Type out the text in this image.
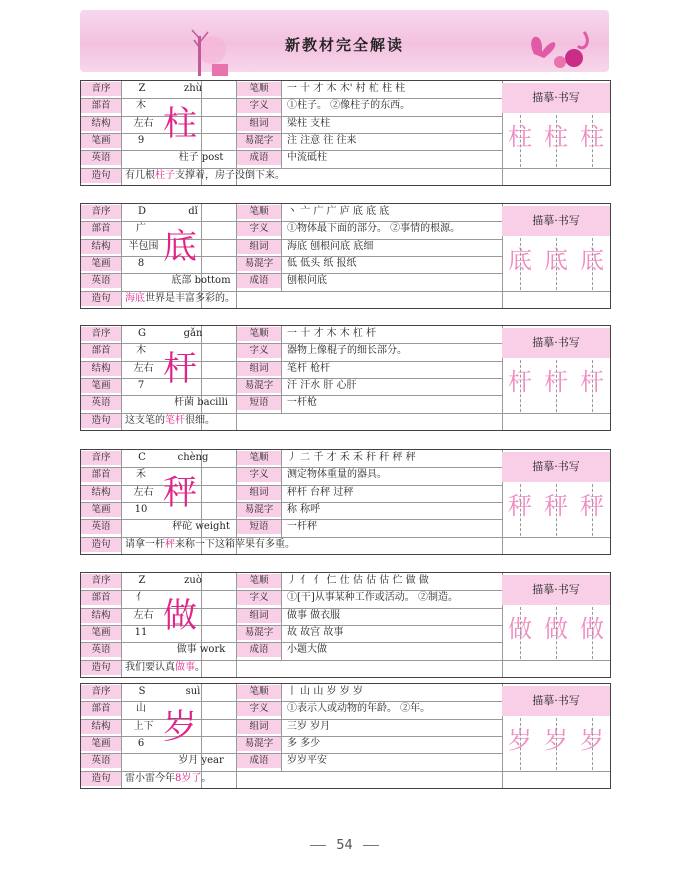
新教材完全解读
音序	Z	zhù
部首	木
结构	左右
笔画	9 柱
英语	柱子 post
笔顺	一 十 才 木 木' 村 杧 柱 柱
字义	①柱子。 ②像柱子的东西。
组词	梁柱 支柱
易混字	注 注意 往 往来
成语	中流砥柱
造句	有几根柱子支撑着，房子没倒下来。
描摹·书写
柱 柱 柱
音序	D	dǐ
部首	广
结构	半包围
笔画	8 底
英语	底部 bottom
笔顺	丶 亠 广 广 庐 底 底 底
字义	①物体最下面的部分。 ②事情的根源。
组词	海底 刨根问底 底细
易混字	低 低头 纸 报纸
成语	刨根问底
造句	海底世界是丰富多彩的。
描摹·书写
底 底 底
音序	G	gǎn
部首	木
结构	左右
笔画	7 杆
英语	杆菌 bacilli
笔顺	一 十 才 木 木 杠 杆
字义	器物上像棍子的细长部分。
组词	笔杆 枪杆
易混字	汗 汗水 肝 心肝
短语	一杆枪
造句	这支笔的笔杆很细。
描摹·书写
杆 杆 杆
音序	C	chèng
部首	禾
结构	左右
笔画	10 秤
英语	秤砣 weight
笔顺	丿 二 千 才 禾 禾 秆 秆 秤 秤
字义	测定物体重量的器具。
组词	秤杆 台秤 过秤
易混字	称 称呼
短语	一杆秤
造句	请拿一杆秤来称一下这箱苹果有多重。
描摹·书写
秤 秤 秤
音序	Z	zuò
部首	亻
结构	左右
笔画	11 做
英语	做事 work
笔顺	丿 亻 亻 仁 仕 估 估 估 伫 做 做
字义	①[干]从事某种工作或活动。 ②制造。
组词	做事 做衣服
易混字	故 故宫 故事
成语	小题大做
造句	我们要认真做事。
描摹·书写
做 做 做
音序	S	suì
部首	山
结构	上下
笔画	6 岁
英语	岁月 year
笔顺	丨 山 山 岁 岁 岁
字义	①表示人或动物的年龄。 ②年。
组词	三岁 岁月
易混字	多 多少
成语	岁岁平安
造句	雷小雷今年8岁了。
描摹·书写
岁 岁 岁
54
